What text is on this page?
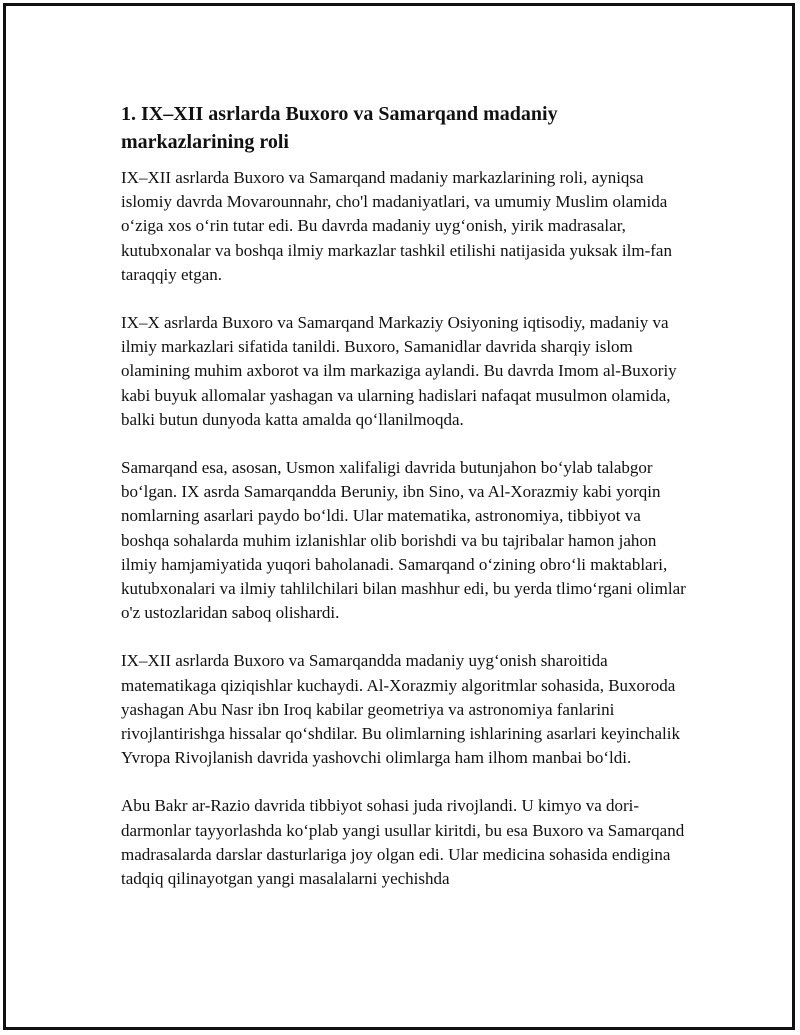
1. IX–XII asrlarda Buxoro va Samarqand madaniy markazlarining roli

IX–XII asrlarda Buxoro va Samarqand madaniy markazlarining roli, ayniqsa islomiy davrda Movarounnahr, cho'l madaniyatlari, va umumiy Muslim olamida o‘ziga xos o‘rin tutar edi. Bu davrda madaniy uyg‘onish, yirik madrasalar, kutubxonalar va boshqa ilmiy markazlar tashkil etilishi natijasida yuksak ilm-fan taraqqiy etgan.

IX–X asrlarda Buxoro va Samarqand Markaziy Osiyoning iqtisodiy, madaniy va ilmiy markazlari sifatida tanildi. Buxoro, Samanidlar davrida sharqiy islom olamining muhim axborot va ilm markaziga aylandi. Bu davrda Imom al-Buxoriy kabi buyuk allomalar yashagan va ularning hadislari nafaqat musulmon olamida, balki butun dunyoda katta amalda qo‘llanilmoqda.

Samarqand esa, asosan, Usmon xalifaligi davrida butunjahon bo‘ylab talabgor bo‘lgan. IX asrda Samarqandda Beruniy, ibn Sino, va Al-Xorazmiy kabi yorqin nomlarning asarlari paydo bo‘ldi. Ular matematika, astronomiya, tibbiyot va boshqa sohalarda muhim izlanishlar olib borishdi va bu tajribalar hamon jahon ilmiy hamjamiyatida yuqori baholanadi. Samarqand o‘zining obro‘li maktablari, kutubxonalari va ilmiy tahlilchilari bilan mashhur edi, bu yerda tlimo‘rgani olimlar o'z ustozlaridan saboq olishardi.

IX–XII asrlarda Buxoro va Samarqandda madaniy uyg‘onish sharoitida matematikaga qiziqishlar kuchaydi. Al-Xorazmiy algoritmlar sohasida, Buxoroda yashagan Abu Nasr ibn Iroq kabilar geometriya va astronomiya fanlarini rivojlantirishga hissalar qo‘shdilar. Bu olimlarning ishlarining asarlari keyinchalik Yvropa Rivojlanish davrida yashovchi olimlarga ham ilhom manbai bo‘ldi.

Abu Bakr ar-Razio davrida tibbiyot sohasi juda rivojlandi. U kimyo va dori-darmonlar tayyorlashda ko‘plab yangi usullar kiritdi, bu esa Buxoro va Samarqand madrasalarda darslar dasturlariga joy olgan edi. Ular medicina sohasida endigina tadqiq qilinayotgan yangi masalalarni yechishda
